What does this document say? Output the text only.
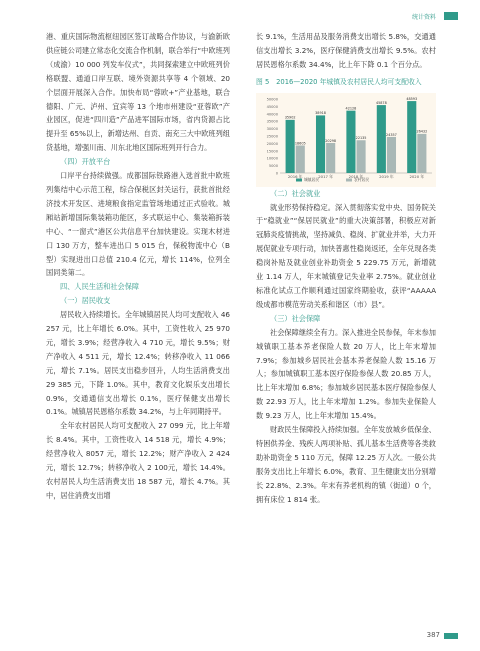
统计资料

港、重庆国际物流枢纽园区签订战略合作协议，与渝新欧供应链公司建立常态化交流合作机制，联合举行“中欧班列（成渝）10 000 列发车仪式”，共同探索建立中欧班列价格联盟、通道口岸互联、境外资源共享等 4 个领域、20 个层面开展深入合作。加快布局“蓉欧+”产业基地，联合德阳、广元、泸州、宜宾等 13 个地市州建设“亚蓉欧”产业园区，促进“四川造”产品进军国际市场，省内货源占比提升至 65%以上，新增达州、自贡、南充三大中欧班列组货基地，增强川南、川东北地区国际班列开行合力。

（四）开放平台

口岸平台持续做强。成都国际铁路港入选首批中欧班列集结中心示范工程，综合保税区封关运行，获批首批经济技术开发区、进境粮食指定监管场地通过正式验收。城厢站新增国际集装箱功能区，多式联运中心、集装箱拆装中心、“一窗式”港区公共信息平台加快建设。实现木材进口 130 万方，整车进出口 5 015 台，保税物流中心（B型）实现进出口总值 210.4 亿元，增长 114%，位列全国同类第二。

四、人民生活和社会保障
（一）居民收支

居民收入持续增长。全年城镇居民人均可支配收入 46 257 元，比上年增长 6.0%。其中，工资性收入 25 970 元，增长 3.9%；经营净收入 4 710 元，增长 9.5%；财产净收入 4 511 元，增长 12.4%；转移净收入 11 066 元，增长 7.1%。居民支出稳步回升，人均生活消费支出 29 385 元，下降 1.0%。其中，教育文化娱乐支出增长 0.9%，交通通信支出增长 0.1%，医疗保健支出增长 0.1%。城镇居民恩格尔系数 34.2%，与上年同期持平。

全年农村居民人均可支配收入 27 099 元，比上年增长 8.4%。其中，工资性收入 14 518 元，增长 4.9%；经营净收入 8057 元，增长 12.2%；财产净收入 2 424 元，增长 12.7%；转移净收入 2 100元，增长 14.4%。农村居民人均生活消费支出 18 587 元，增长 4.7%。其中，居住消费支出增

长 9.1%，生活用品及服务消费支出增长 5.8%，交通通信支出增长 3.2%，医疗保健消费支出增长 9.5%。农村居民恩格尔系数 34.4%，比上年下降 0.1 个百分点。

图 5　2016—2020 年城镇及农村居民人均可支配收入
0
5000
10000
15000
20000
25000
30000
35000
40000
45000
50000
35902
18605
2016 年
38918
20298
2017 年
42128
22135
2018 年
45878
24357
2019 年
48593
26432
2020 年
城镇居民	农村居民
（二）社会就业

就业形势保持稳定。深入贯彻落实党中央、国务院关于“稳就业”“保居民就业”的重大决策部署，积极应对新冠肺炎疫情挑战，坚持减负、稳岗、扩就业并举，大力开展促就业专项行动，加快普惠性稳岗返还，全年兑现各类稳岗补贴及就业创业补助资金 5 229.75 万元，新增就业 1.14 万人，年末城镇登记失业率 2.75%。就业创业标准化试点工作顺利通过国家终期验收，获评“AAAAA 级成都市模范劳动关系和谐区（市）县”。

（三）社会保障

社会保障继续全有力。深入推进全民参保，年末参加城镇职工基本养老保险人数 20 万人，比上年末增加 7.9%；参加城乡居民社会基本养老保险人数 15.16 万人；参加城镇职工基本医疗保险参保人数 20.85 万人，比上年末增加 6.8%；参加城乡居民基本医疗保险参保人数 22.93 万人，比上年末增加 1.2%。参加失业保险人数 9.23 万人，比上年末增加 15.4%。

财政民生保障投入持续加强。全年发放城乡低保金、特困供养金、残疾人两项补贴、孤儿基本生活费等各类救助补助资金 5 110 万元，保障 12.25 万人次。一般公共服务支出比上年增长 6.0%，教育、卫生健康支出分别增长 22.8%、2.3%。年末有养老机构的镇（街道）0 个，拥有床位 1 814 张。

387
